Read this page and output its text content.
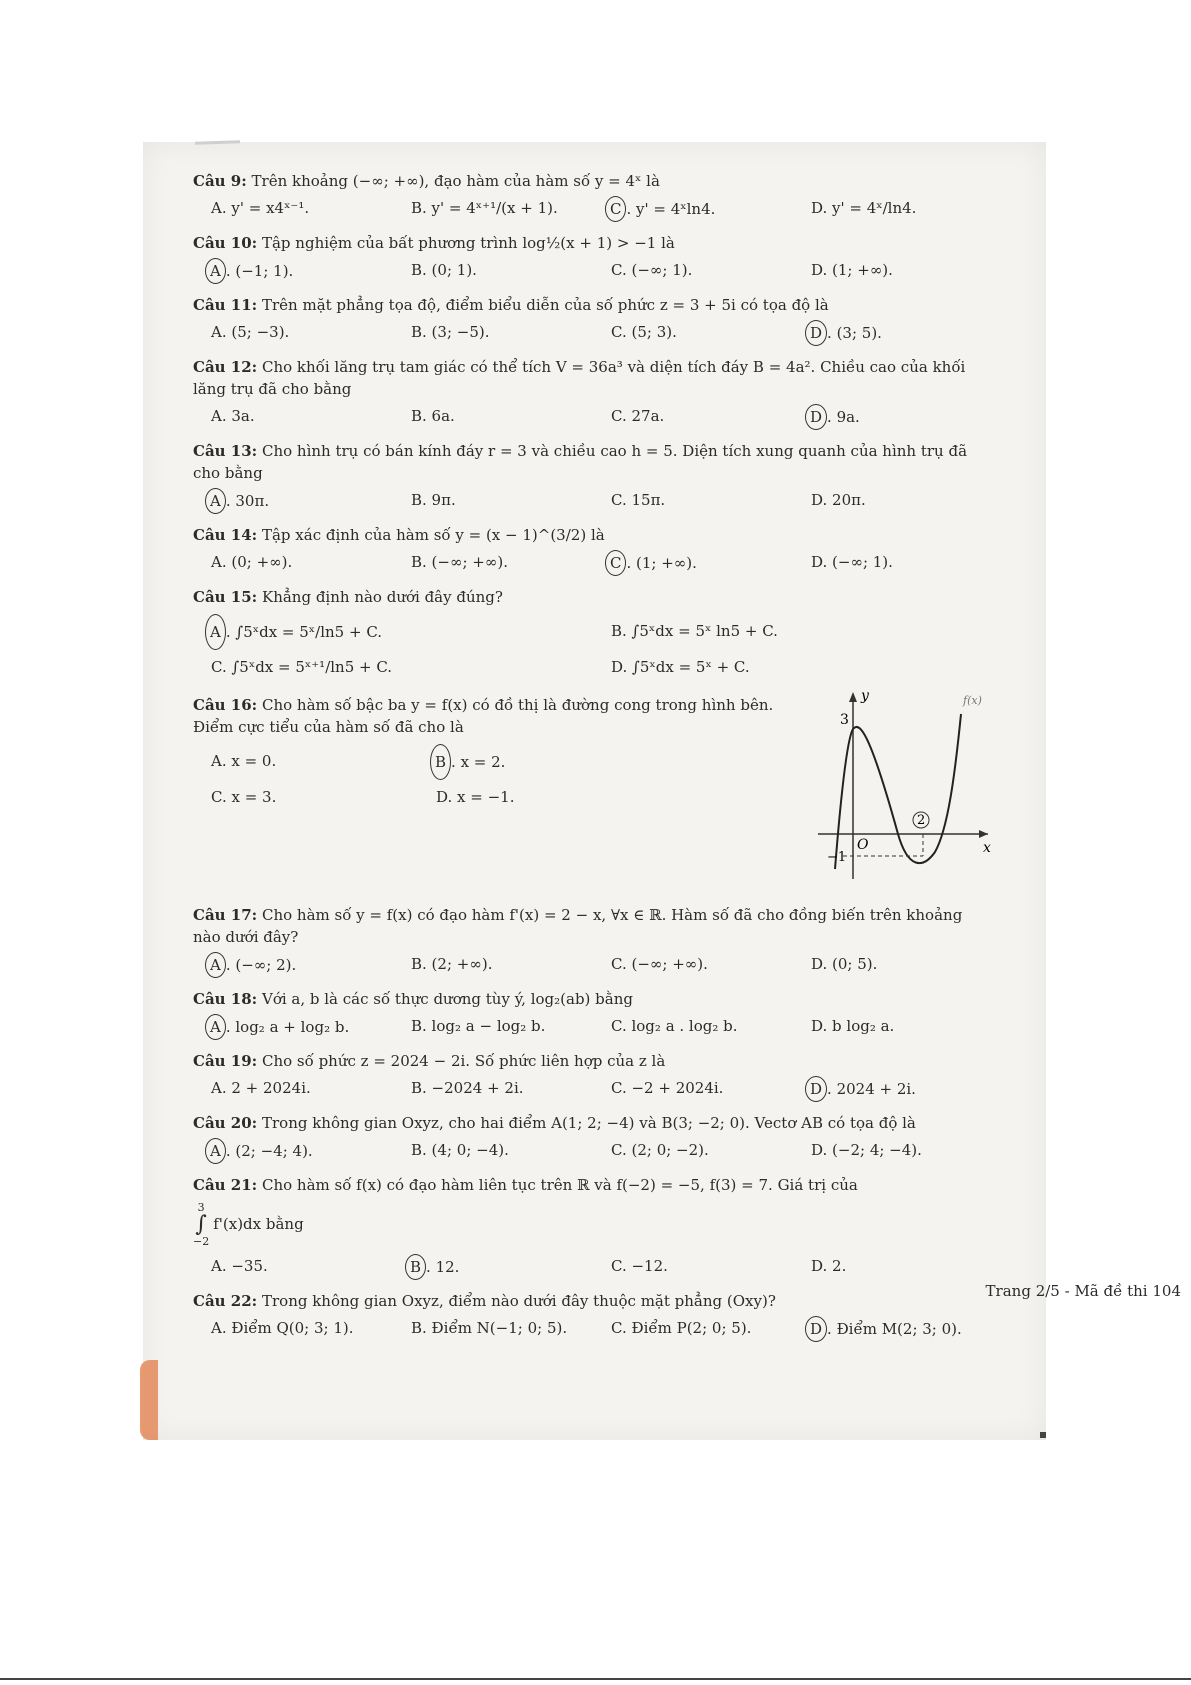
Câu 9: Trên khoảng (−∞; +∞), đạo hàm của hàm số y = 4ˣ là
A. y' = x4ˣ⁻¹.	B. y' = 4ˣ⁺¹/(x + 1).	C . y' = 4ˣln4.	D. y' = 4ˣ/ln4.
Câu 10: Tập nghiệm của bất phương trình log½(x + 1) > −1 là
A . (−1; 1).	B. (0; 1).	C. (−∞; 1).	D. (1; +∞).
Câu 11: Trên mặt phẳng tọa độ, điểm biểu diễn của số phức z = 3 + 5i có tọa độ là
A. (5; −3).	B. (3; −5).	C. (5; 3).	D . (3; 5).
Câu 12: Cho khối lăng trụ tam giác có thể tích V = 36a³ và diện tích đáy B = 4a². Chiều cao của khối lăng trụ đã cho bằng
A. 3a.	B. 6a.	C. 27a.	D . 9a.
Câu 13: Cho hình trụ có bán kính đáy r = 3 và chiều cao h = 5. Diện tích xung quanh của hình trụ đã cho bằng
A . 30π.	B. 9π.	C. 15π.	D. 20π.
Câu 14: Tập xác định của hàm số y = (x − 1)^(3/2) là
A. (0; +∞).	B. (−∞; +∞).	C . (1; +∞).	D. (−∞; 1).
Câu 15: Khẳng định nào dưới đây đúng?
A . ∫5ˣdx = 5ˣ/ln5 + C.	B. ∫5ˣdx = 5ˣ ln5 + C.
C. ∫5ˣdx = 5ˣ⁺¹/ln5 + C.	D. ∫5ˣdx = 5ˣ + C.
Câu 16: Cho hàm số bậc ba y = f(x) có đồ thị là đường cong trong hình bên. Điểm cực tiểu của hàm số đã cho là
A. x = 0.	B . x = 2.
C. x = 3.	D. x = −1.
y
x
O
3
−1
2
f(x)
Câu 17: Cho hàm số y = f(x) có đạo hàm f'(x) = 2 − x, ∀x ∈ ℝ. Hàm số đã cho đồng biến trên khoảng nào dưới đây?
A . (−∞; 2).	B. (2; +∞).	C. (−∞; +∞).	D. (0; 5).
Câu 18: Với a, b là các số thực dương tùy ý, log₂(ab) bằng
A . log₂ a + log₂ b.	B. log₂ a − log₂ b.	C. log₂ a . log₂ b.	D. b log₂ a.
Câu 19: Cho số phức z = 2024 − 2i. Số phức liên hợp của z là
A. 2 + 2024i.	B. −2024 + 2i.	C. −2 + 2024i.	D . 2024 + 2i.
Câu 20: Trong không gian Oxyz, cho hai điểm A(1; 2; −4) và B(3; −2; 0). Vectơ AB có tọa độ là
A . (2; −4; 4).	B. (4; 0; −4).	C. (2; 0; −2).	D. (−2; 4; −4).
Câu 21: Cho hàm số f(x) có đạo hàm liên tục trên ℝ và f(−2) = −5, f(3) = 7. Giá trị của
3
∫
−2
f'(x)dx bằng
A. −35.	B . 12.	C. −12.	D. 2.
Câu 22: Trong không gian Oxyz, điểm nào dưới đây thuộc mặt phẳng (Oxy)?
A. Điểm Q(0; 3; 1).	B. Điểm N(−1; 0; 5).	C. Điểm P(2; 0; 5).	D . Điểm M(2; 3; 0).
Trang 2/5 - Mã đề thi 104
